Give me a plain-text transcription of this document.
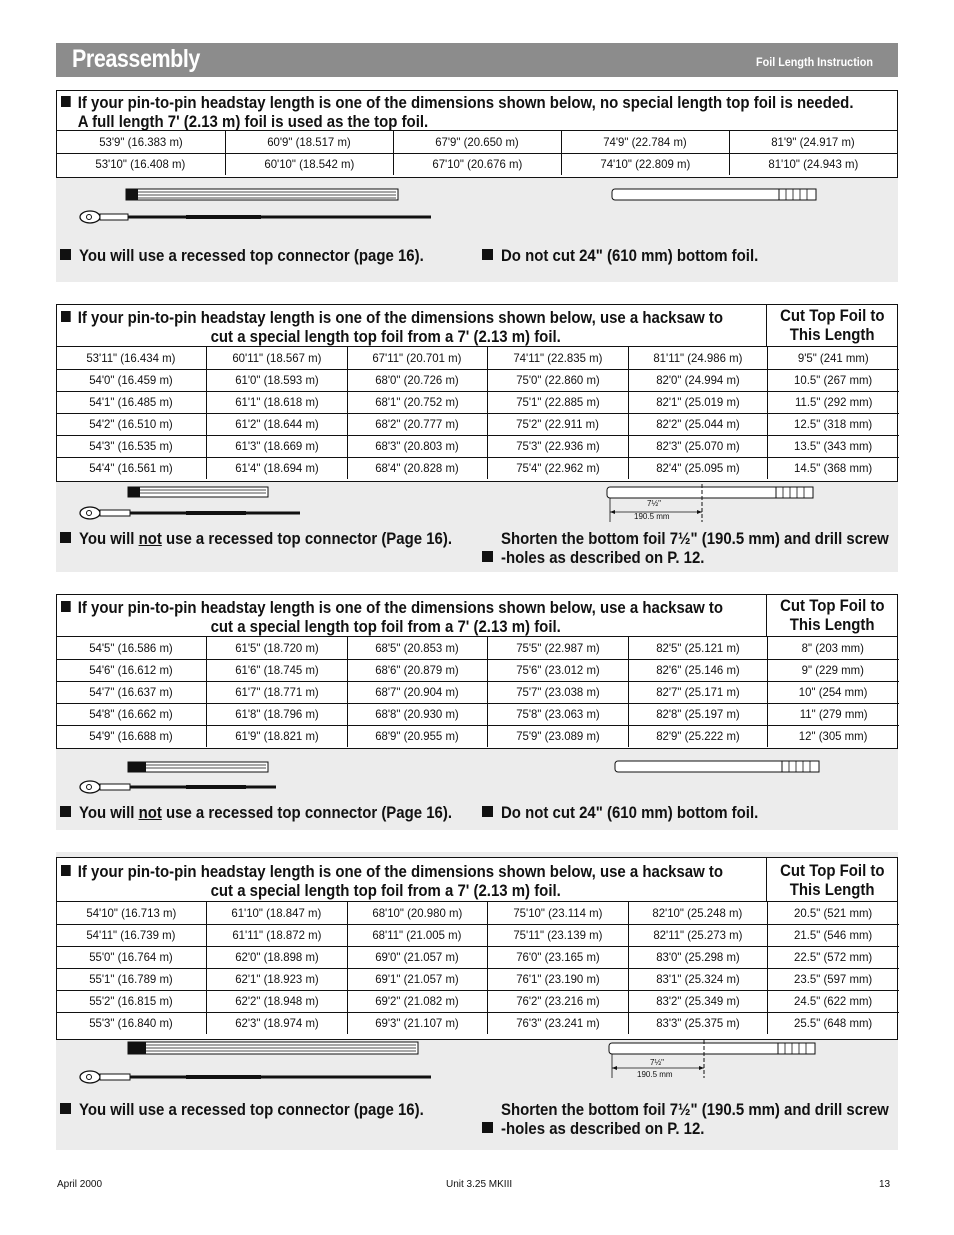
Preassembly	Foil Length Instruction
If your pin-to-pin headstay length is one of the dimensions shown below, no special length top foil is needed.
A full length 7' (2.13 m) foil is used as the top foil.
53'9" (16.383 m)	60'9" (18.517 m)	67'9" (20.650 m)	74'9" (22.784 m)	81'9" (24.917 m)
53'10" (16.408 m)	60'10" (18.542 m)	67'10" (20.676 m)	74'10" (22.809 m)	81'10" (24.943 m)
You will use a recessed top connector (page 16).	Do not cut 24" (610 mm) bottom foil.
If your pin-to-pin headstay length is one of the dimensions shown below, use a hacksaw to
cut a special length top foil from a 7' (2.13 m) foil.
Cut Top Foil to
This Length
53'11" (16.434 m)	60'11" (18.567 m)	67'11" (20.701 m)	74'11" (22.835 m)	81'11" (24.986 m)	9'5" (241 mm)
54'0" (16.459 m)	61'0" (18.593 m)	68'0" (20.726 m)	75'0" (22.860 m)	82'0" (24.994 m)	10.5" (267 mm)
54'1" (16.485 m)	61'1" (18.618 m)	68'1" (20.752 m)	75'1" (22.885 m)	82'1" (25.019 m)	11.5" (292 mm)
54'2" (16.510 m)	61'2" (18.644 m)	68'2" (20.777 m)	75'2" (22.911 m)	82'2" (25.044 m)	12.5" (318 mm)
54'3" (16.535 m)	61'3" (18.669 m)	68'3" (20.803 m)	75'3" (22.936 m)	82'3" (25.070 m)	13.5" (343 mm)
54'4" (16.561 m)	61'4" (18.694 m)	68'4" (20.828 m)	75'4" (22.962 m)	82'4" (25.095 m)	14.5" (368 mm)
7½"
190.5 mm
You will not use a recessed top connector (Page 16).	Shorten the bottom foil 7½" (190.5 mm) and drill screw
-holes as described on P. 12.
If your pin-to-pin headstay length is one of the dimensions shown below, use a hacksaw to
cut a special length top foil from a 7' (2.13 m) foil.
Cut Top Foil to
This Length
54'5" (16.586 m)	61'5" (18.720 m)	68'5" (20.853 m)	75'5" (22.987 m)	82'5" (25.121 m)	8" (203 mm)
54'6" (16.612 m)	61'6" (18.745 m)	68'6" (20.879 m)	75'6" (23.012 m)	82'6" (25.146 m)	9" (229 mm)
54'7" (16.637 m)	61'7" (18.771 m)	68'7" (20.904 m)	75'7" (23.038 m)	82'7" (25.171 m)	10" (254 mm)
54'8" (16.662 m)	61'8" (18.796 m)	68'8" (20.930 m)	75'8" (23.063 m)	82'8" (25.197 m)	11" (279 mm)
54'9" (16.688 m)	61'9" (18.821 m)	68'9" (20.955 m)	75'9" (23.089 m)	82'9" (25.222 m)	12" (305 mm)
You will not use a recessed top connector (Page 16).	Do not cut 24" (610 mm) bottom foil.
If your pin-to-pin headstay length is one of the dimensions shown below, use a hacksaw to
cut a special length top foil from a 7' (2.13 m) foil.
Cut Top Foil to
This Length
54'10" (16.713 m)	61'10" (18.847 m)	68'10" (20.980 m)	75'10" (23.114 m)	82'10" (25.248 m)	20.5" (521 mm)
54'11" (16.739 m)	61'11" (18.872 m)	68'11" (21.005 m)	75'11" (23.139 m)	82'11" (25.273 m)	21.5" (546 mm)
55'0" (16.764 m)	62'0" (18.898 m)	69'0" (21.057 m)	76'0" (23.165 m)	83'0" (25.298 m)	22.5" (572 mm)
55'1" (16.789 m)	62'1" (18.923 m)	69'1" (21.057 m)	76'1" (23.190 m)	83'1" (25.324 m)	23.5" (597 mm)
55'2" (16.815 m)	62'2" (18.948 m)	69'2" (21.082 m)	76'2" (23.216 m)	83'2" (25.349 m)	24.5" (622 mm)
55'3" (16.840 m)	62'3" (18.974 m)	69'3" (21.107 m)	76'3" (23.241 m)	83'3" (25.375 m)	25.5" (648 mm)
7½"
190.5 mm
You will use a recessed top connector (page 16).	Shorten the bottom foil 7½" (190.5 mm) and drill screw
-holes as described on P. 12.
April 2000	Unit 3.25 MKIII	13
